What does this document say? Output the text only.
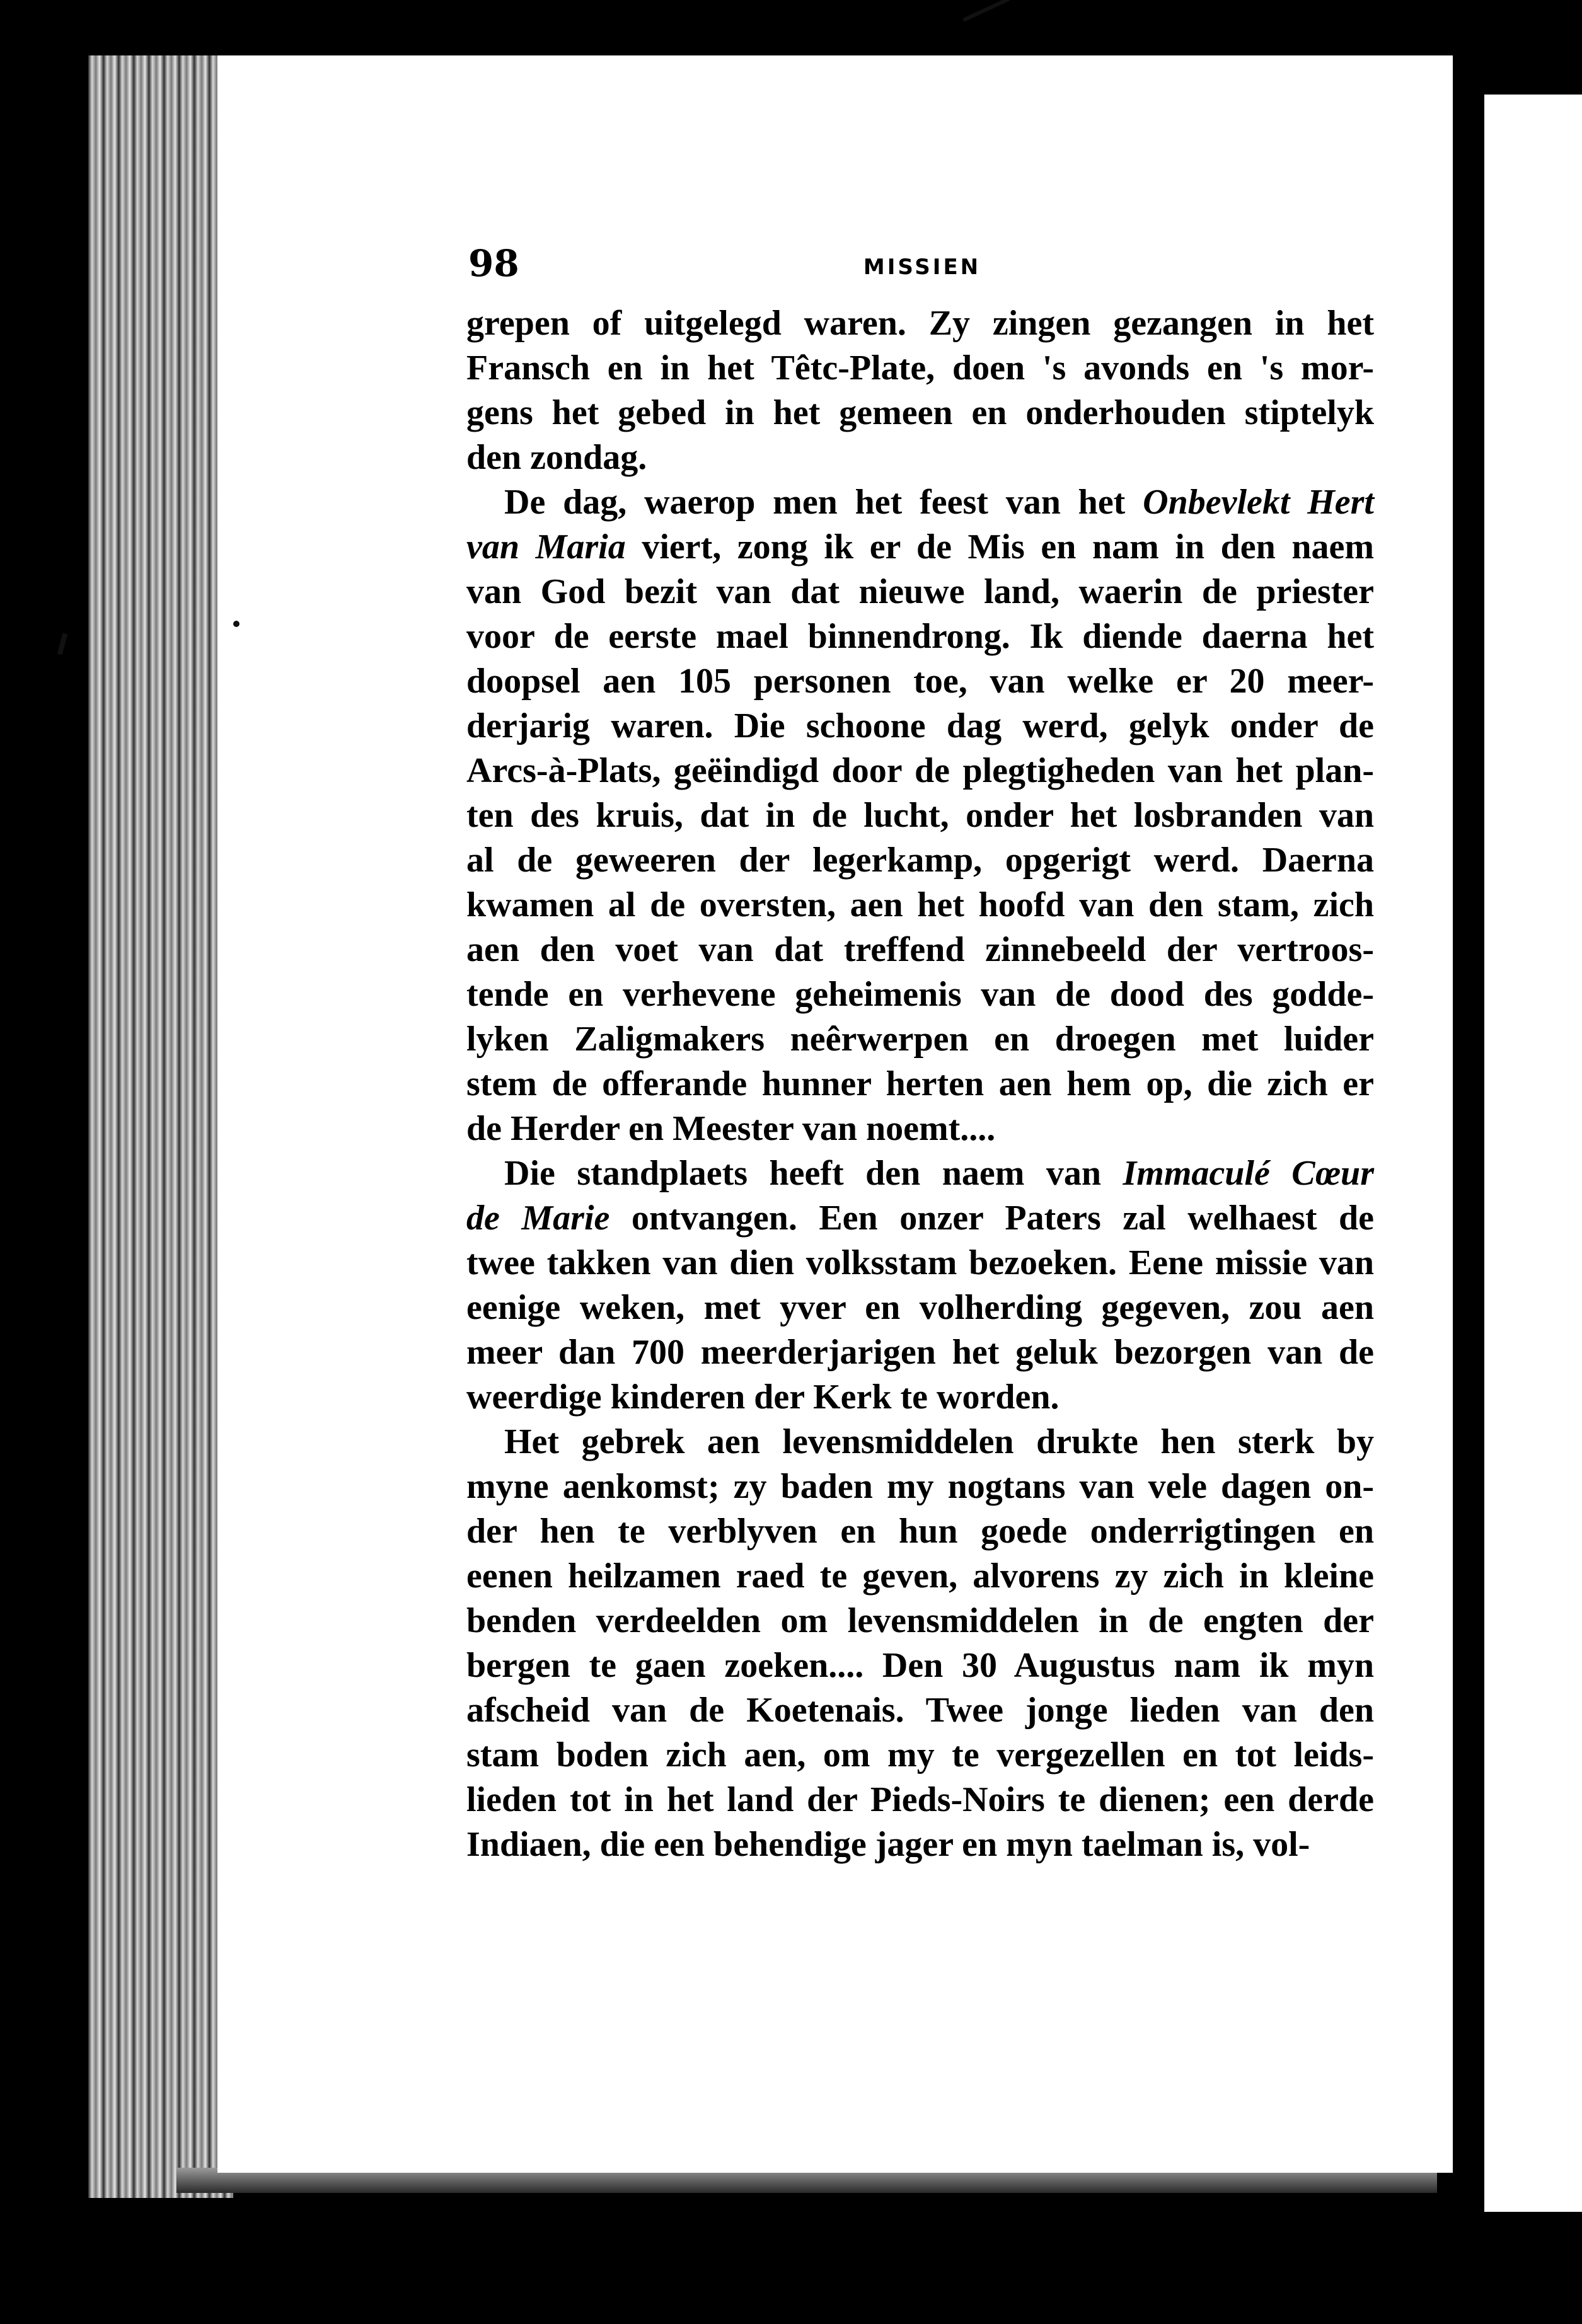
98	MISSIEN
grepen of uitgelegd waren. Zy zingen gezangen in het
Fransch en in het Têtc-Plate, doen 's avonds en 's mor-
gens het gebed in het gemeen en onderhouden stiptelyk
den zondag.
De dag, waerop men het feest van het Onbevlekt Hert
van Maria viert, zong ik er de Mis en nam in den naem
van God bezit van dat nieuwe land, waerin de priester
voor de eerste mael binnendrong. Ik diende daerna het
doopsel aen 105 personen toe, van welke er 20 meer-
derjarig waren. Die schoone dag werd, gelyk onder de
Arcs-à-Plats, geëindigd door de plegtigheden van het plan-
ten des kruis, dat in de lucht, onder het losbranden van
al de geweeren der legerkamp, opgerigt werd. Daerna
kwamen al de oversten, aen het hoofd van den stam, zich
aen den voet van dat treffend zinnebeeld der vertroos-
tende en verhevene geheimenis van de dood des godde-
lyken Zaligmakers neêrwerpen en droegen met luider
stem de offerande hunner herten aen hem op, die zich er
de Herder en Meester van noemt....
Die standplaets heeft den naem van Immaculé Cœur
de Marie ontvangen. Een onzer Paters zal welhaest de
twee takken van dien volksstam bezoeken. Eene missie van
eenige weken, met yver en volherding gegeven, zou aen
meer dan 700 meerderjarigen het geluk bezorgen van de
weerdige kinderen der Kerk te worden.
Het gebrek aen levensmiddelen drukte hen sterk by
myne aenkomst; zy baden my nogtans van vele dagen on-
der hen te verblyven en hun goede onderrigtingen en
eenen heilzamen raed te geven, alvorens zy zich in kleine
benden verdeelden om levensmiddelen in de engten der
bergen te gaen zoeken.... Den 30 Augustus nam ik myn
afscheid van de Koetenais. Twee jonge lieden van den
stam boden zich aen, om my te vergezellen en tot leids-
lieden tot in het land der Pieds-Noirs te dienen; een derde
Indiaen, die een behendige jager en myn taelman is, vol-
